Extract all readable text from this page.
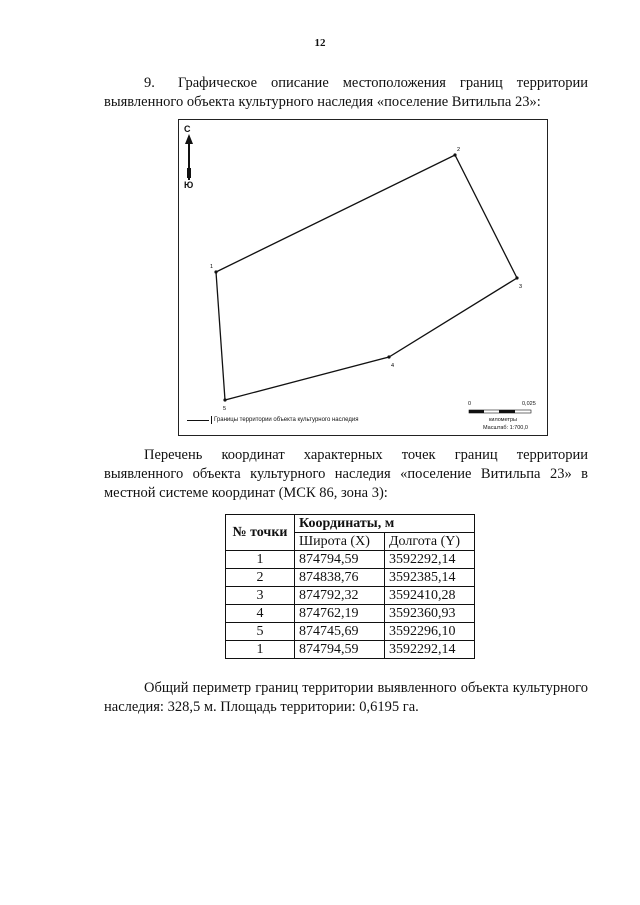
12
9. Графическое описание местоположения границ территории выявленного объекта культурного наследия «поселение Витильпа 23»:
1
2
3
4
5
С
Ю
0	0,025
километры
Масштаб: 1:700,0
Границы территории объекта культурного наследия
Перечень координат характерных точек границ территории выявленного объекта культурного наследия «поселение Витильпа 23» в местной системе координат (МСК 86, зона 3):
№ точки	Координаты, м	
	Широта (X)	Долгота (Y)
1	874794,59	3592292,14
2	874838,76	3592385,14
3	874792,32	3592410,28
4	874762,19	3592360,93
5	874745,69	3592296,10
1	874794,59	3592292,14
Общий периметр границ территории выявленного объекта культурного наследия: 328,5 м. Площадь территории: 0,6195 га.
